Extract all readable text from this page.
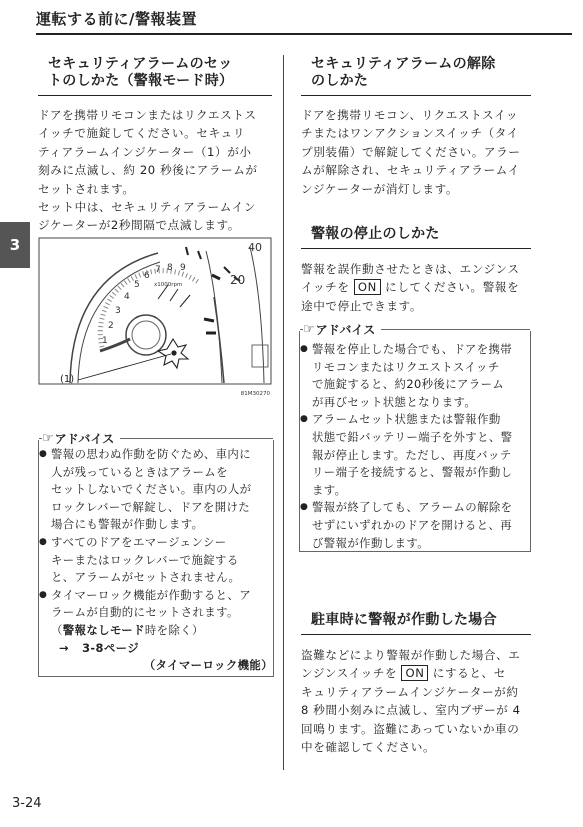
運転する前に/警報装置
3
セキュリティアラームのセッ
トのしかた（警報モード時）

ドアを携帯リモコンまたはリクエストス

イッチで施錠してください。セキュリ

ティアラームインジケーター（1）が小

刻みに点滅し、約 20 秒後にアラームが

セットされます。

セット中は、セキュリティアラームイン

ジケーターが2秒間隔で点滅します。

1
2
3
4
5
6
7 8 9
x1000rpm
40
20
(1)
81M30270
☞ アドバイス
● 警報の思わぬ作動を防ぐため、車内に
人が残っているときはアラームを
セットしないでください。車内の人が
ロックレバーで解錠し、ドアを開けた
場合にも警報が作動します。
● すべてのドアをエマージェンシー
キーまたはロックレバーで施錠する
と、アラームがセットされません。
● タイマーロック機能が作動すると、ア
ラームが自動的にセットされます。
（警報なしモード時を除く）
→ 3-8ページ
（タイマーロック機能）
セキュリティアラームの解除
のしかた

ドアを携帯リモコン、リクエストスイッ

チまたはワンアクションスイッチ（タイ

プ別装備）で解錠してください。アラー

ムが解除され、セキュリティアラームイ

ンジケーターが消灯します。

警報の停止のしかた

警報を誤作動させたときは、エンジンス

イッチを ON にしてください。警報を

途中で停止できます。

☞ アドバイス
● 警報を停止した場合でも、ドアを携帯
リモコンまたはリクエストスイッチ
で施錠すると、約20秒後にアラーム
が再びセット状態となります。
● アラームセット状態または警報作動
状態で鉛バッテリー端子を外すと、警
報が停止します。ただし、再度バッテ
リー端子を接続すると、警報が作動し
ます。
● 警報が終了しても、アラームの解除を
せずにいずれかのドアを開けると、再
び警報が作動します。
駐車時に警報が作動した場合

盗難などにより警報が作動した場合、エ

ンジンスイッチを ON にすると、セ

キュリティアラームインジケーターが約

8 秒間小刻みに点滅し、室内ブザーが 4

回鳴ります。盗難にあっていないか車の

中を確認してください。

3-24
